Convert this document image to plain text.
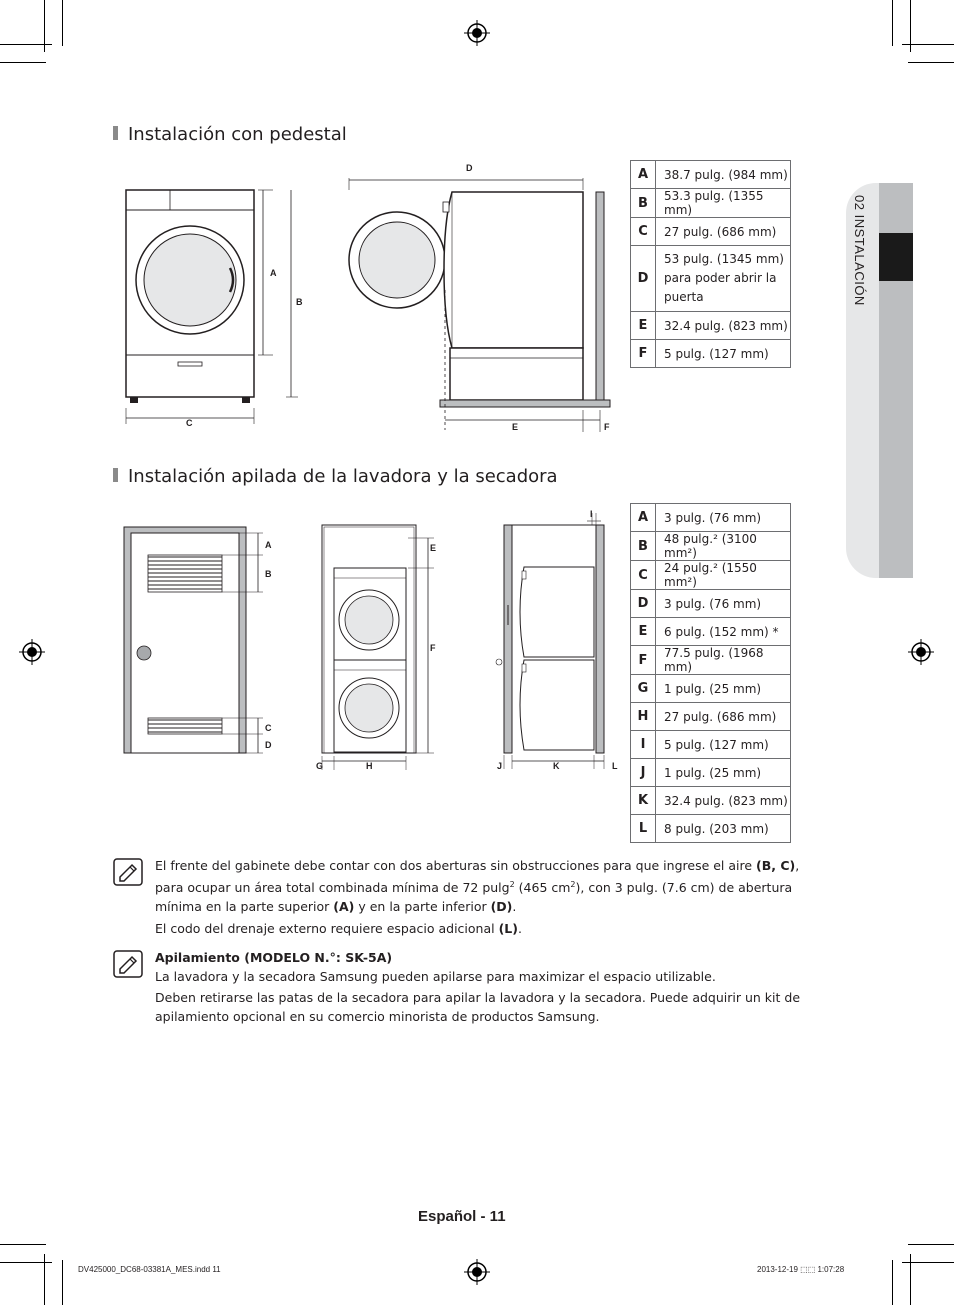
02 INSTALACIÓN
Instalación con pedestal
A
B
C
D
E	F
A	38.7 pulg. (984 mm)
B	53.3 pulg. (1355 mm)
C	27 pulg. (686 mm)
D	53 pulg. (1345 mm) para poder abrir la puerta
E	32.4 pulg. (823 mm)
F	5 pulg. (127 mm)
Instalación apilada de la lavadora y la secadora
A
B
C
D
E
F
G	H
I
J	K	L
A	3 pulg. (76 mm)
B	48 pulg.² (3100 mm²)
C	24 pulg.² (1550 mm²)
D	3 pulg. (76 mm)
E	6 pulg. (152 mm) *
F	77.5 pulg. (1968 mm)
G	1 pulg. (25 mm)
H	27 pulg. (686 mm)
I	5 pulg. (127 mm)
J	1 pulg. (25 mm)
K	32.4 pulg. (823 mm)
L	8 pulg. (203 mm)
El frente del gabinete debe contar con dos aberturas sin obstrucciones para que ingrese el aire (B, C), para ocupar un área total combinada mínima de 72 pulg$^2$ (465 $cm^2$), con 3 pulg. (7.6 cm) de abertura mínima en la parte superior (A) y en la parte inferior (D).
El codo del drenaje externo requiere espacio adicional (L).
Apilamiento (MODELO N.°: SK-5A)
La lavadora y la secadora Samsung pueden apilarse para maximizar el espacio utilizable.
Deben retirarse las patas de la secadora para apilar la lavadora y la secadora. Puede adquirir un kit de apilamiento opcional en su comercio minorista de productos Samsung.
Español - 11
DV425000_DC68-03381A_MES.indd 11	2013-12-19 ⬚⬚ 1:07:28
